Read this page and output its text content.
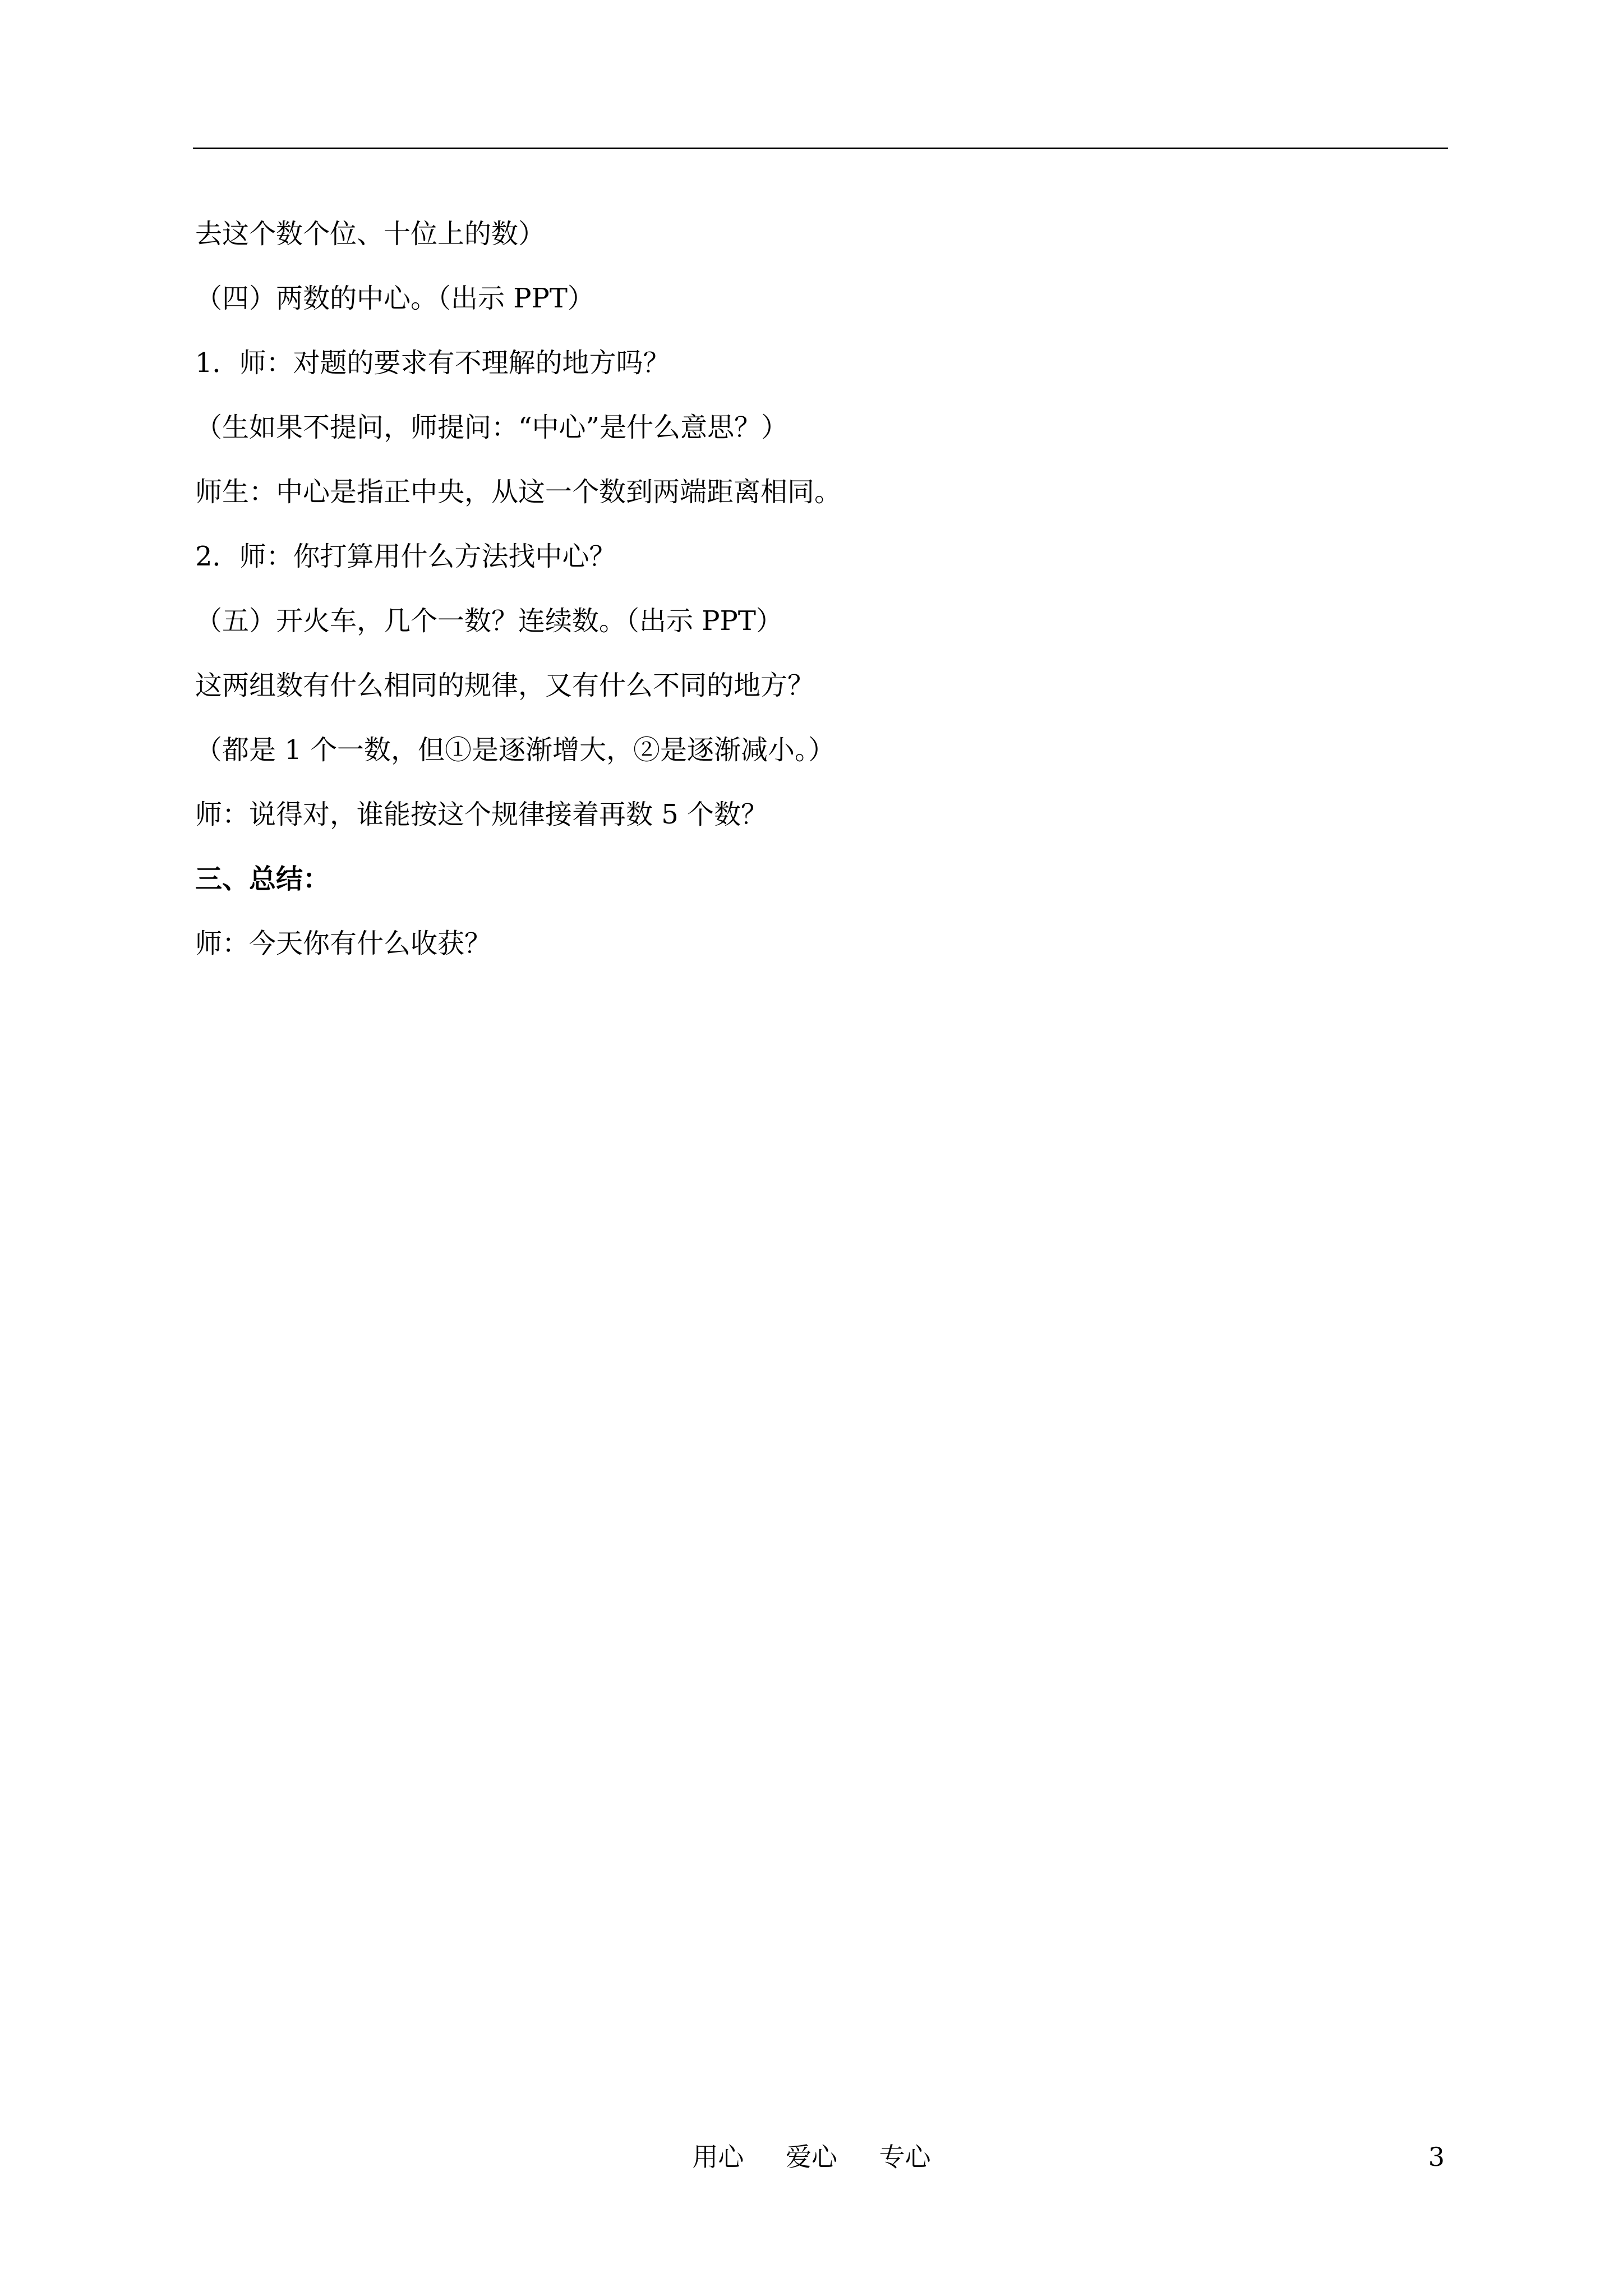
去这个数个位、十位上的数）

（四）两数的中心。（出示 PPT）

1．师：对题的要求有不理解的地方吗？

（生如果不提问，师提问：“中心”是什么意思？）

师生：中心是指正中央，从这一个数到两端距离相同。

2．师：你打算用什么方法找中心？

（五）开火车，几个一数？连续数。（出示 PPT）

这两组数有什么相同的规律，又有什么不同的地方？

（都是 1 个一数，但①是逐渐增大，②是逐渐减小。）

师：说得对，谁能按这个规律接着再数 5 个数？

三、总结：

师：今天你有什么收获？

用心 爱心 专心	3
